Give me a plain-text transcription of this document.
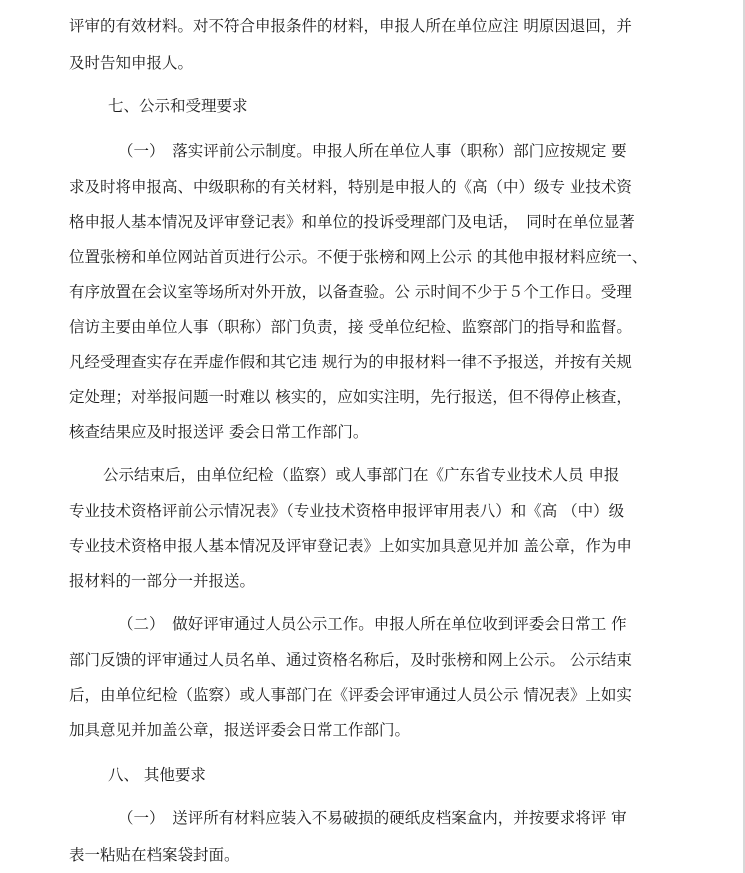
评审的有效材料。对不符合申报条件的材料，申报人所在单位应注 明原因退回，并
及时告知申报人。
七、公示和受理要求
（一）　落实评前公示制度。申报人所在单位人事（职称）部门应按规定 要
求及时将申报高、中级职称的有关材料，特别是申报人的《高（中）级专 业技术资
格申报人基本情况及评审登记表》和单位的投诉受理部门及电话，　同时在单位显著
位置张榜和单位网站首页进行公示。不便于张榜和网上公示 的其他申报材料应统一、
有序放置在会议室等场所对外开放，以备查验。公 示时间不少于５个工作日。受理
信访主要由单位人事（职称）部门负责，接 受单位纪检、监察部门的指导和监督。
凡经受理查实存在弄虚作假和其它违 规行为的申报材料一律不予报送，并按有关规
定处理；对举报问题一时难以 核实的，应如实注明，先行报送，但不得停止核查，
核查结果应及时报送评 委会日常工作部门。
公示结束后，由单位纪检（监察）或人事部门在《广东省专业技术人员 申报
专业技术资格评前公示情况表》（专业技术资格申报评审用表八）和《高 （中）级
专业技术资格申报人基本情况及评审登记表》上如实加具意见并加 盖公章，作为申
报材料的一部分一并报送。
（二）　做好评审通过人员公示工作。申报人所在单位收到评委会日常工 作
部门反馈的评审通过人员名单、通过资格名称后，及时张榜和网上公示。 公示结束
后，由单位纪检（监察）或人事部门在《评委会评审通过人员公示 情况表》上如实
加具意见并加盖公章，报送评委会日常工作部门。
八、 其他要求
（一）　送评所有材料应装入不易破损的硬纸皮档案盒内，并按要求将评 审
表一粘贴在档案袋封面。
